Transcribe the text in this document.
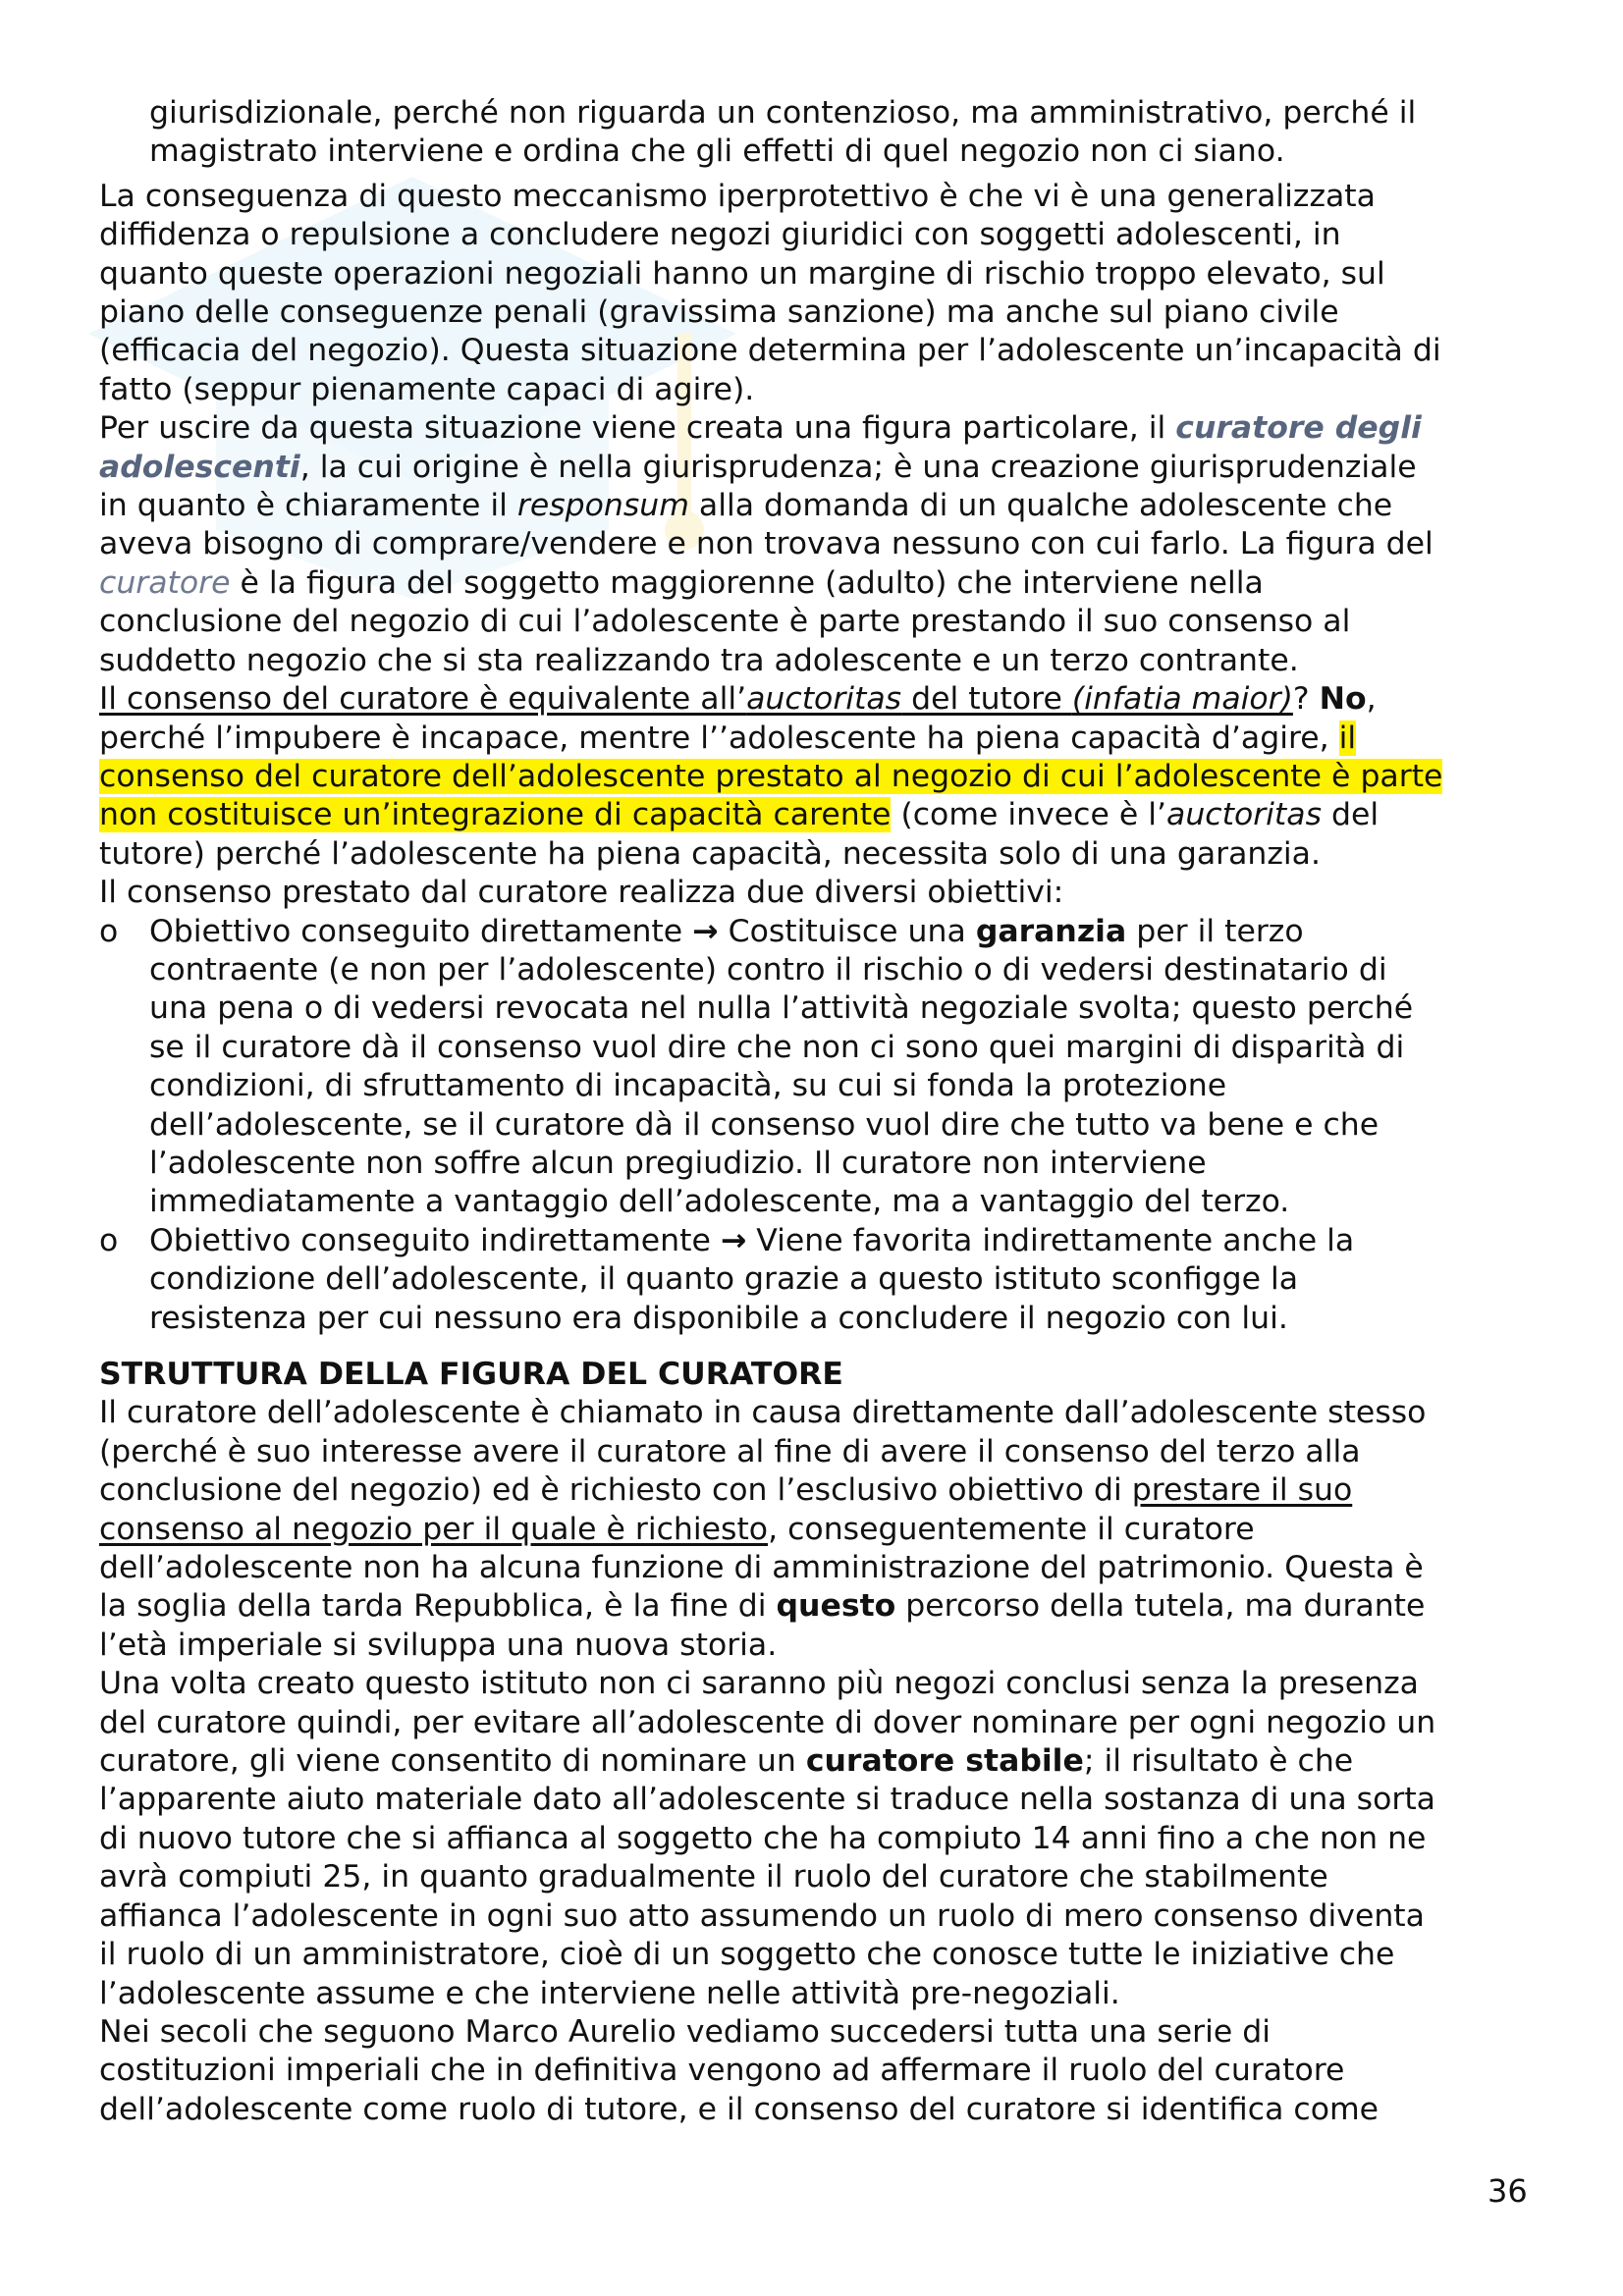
giurisdizionale, perché non riguarda un contenzioso, ma amministrativo, perché il
magistrato interviene e ordina che gli effetti di quel negozio non ci siano.

La conseguenza di questo meccanismo iperprotettivo è che vi è una generalizzata
diffidenza o repulsione a concludere negozi giuridici con soggetti adolescenti, in
quanto queste operazioni negoziali hanno un margine di rischio troppo elevato, sul
piano delle conseguenze penali (gravissima sanzione) ma anche sul piano civile
(efficacia del negozio). Questa situazione determina per l’adolescente un’incapacità di
fatto (seppur pienamente capaci di agire).

Per uscire da questa situazione viene creata una figura particolare, il curatore degli
adolescenti, la cui origine è nella giurisprudenza; è una creazione giurisprudenziale
in quanto è chiaramente il responsum alla domanda di un qualche adolescente che
aveva bisogno di comprare/vendere e non trovava nessuno con cui farlo. La figura del
curatore è la figura del soggetto maggiorenne (adulto) che interviene nella
conclusione del negozio di cui l’adolescente è parte prestando il suo consenso al
suddetto negozio che si sta realizzando tra adolescente e un terzo contrante.

Il consenso del curatore è equivalente all’auctoritas del tutore (infatia maior)? No,
perché l’impubere è incapace, mentre l’’adolescente ha piena capacità d’agire, il
consenso del curatore dell’adolescente prestato al negozio di cui l’adolescente è parte
non costituisce un’integrazione di capacità carente (come invece è l’auctoritas del
tutore) perché l’adolescente ha piena capacità, necessita solo di una garanzia.
Il consenso prestato dal curatore realizza due diversi obiettivi:

o	Obiettivo conseguito direttamente → Costituisce una garanzia per il terzo
contraente (e non per l’adolescente) contro il rischio o di vedersi destinatario di
una pena o di vedersi revocata nel nulla l’attività negoziale svolta; questo perché
se il curatore dà il consenso vuol dire che non ci sono quei margini di disparità di
condizioni, di sfruttamento di incapacità, su cui si fonda la protezione
dell’adolescente, se il curatore dà il consenso vuol dire che tutto va bene e che
l’adolescente non soffre alcun pregiudizio. Il curatore non interviene
immediatamente a vantaggio dell’adolescente, ma a vantaggio del terzo.

o	Obiettivo conseguito indirettamente → Viene favorita indirettamente anche la
condizione dell’adolescente, il quanto grazie a questo istituto sconfigge la
resistenza per cui nessuno era disponibile a concludere il negozio con lui.

STRUTTURA DELLA FIGURA DEL CURATORE

Il curatore dell’adolescente è chiamato in causa direttamente dall’adolescente stesso
(perché è suo interesse avere il curatore al fine di avere il consenso del terzo alla
conclusione del negozio) ed è richiesto con l’esclusivo obiettivo di prestare il suo
consenso al negozio per il quale è richiesto, conseguentemente il curatore
dell’adolescente non ha alcuna funzione di amministrazione del patrimonio. Questa è
la soglia della tarda Repubblica, è la fine di questo percorso della tutela, ma durante
l’età imperiale si sviluppa una nuova storia.

Una volta creato questo istituto non ci saranno più negozi conclusi senza la presenza
del curatore quindi, per evitare all’adolescente di dover nominare per ogni negozio un
curatore, gli viene consentito di nominare un curatore stabile; il risultato è che
l’apparente aiuto materiale dato all’adolescente si traduce nella sostanza di una sorta
di nuovo tutore che si affianca al soggetto che ha compiuto 14 anni fino a che non ne
avrà compiuti 25, in quanto gradualmente il ruolo del curatore che stabilmente
affianca l’adolescente in ogni suo atto assumendo un ruolo di mero consenso diventa
il ruolo di un amministratore, cioè di un soggetto che conosce tutte le iniziative che
l’adolescente assume e che interviene nelle attività pre-negoziali.

Nei secoli che seguono Marco Aurelio vediamo succedersi tutta una serie di
costituzioni imperiali che in definitiva vengono ad affermare il ruolo del curatore
dell’adolescente come ruolo di tutore, e il consenso del curatore si identifica come

36
